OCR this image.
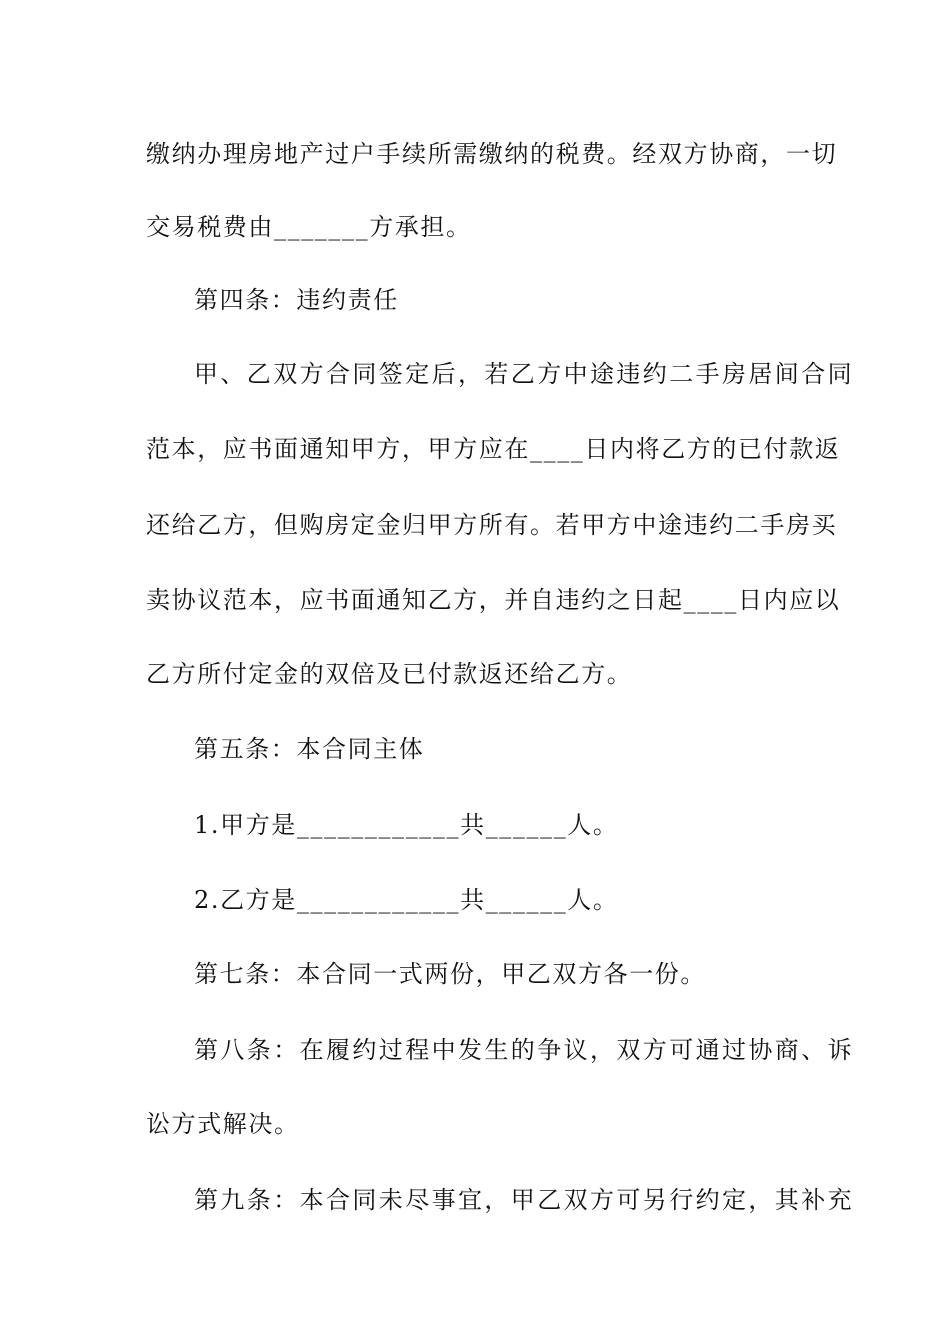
缴纳办理房地产过户手续所需缴纳的税费。经双方协商，一切
交易税费由_______方承担。
第四条：违约责任
甲、乙双方合同签定后，若乙方中途违约二手房居间合同
范本，应书面通知甲方，甲方应在____日内将乙方的已付款返
还给乙方，但购房定金归甲方所有。若甲方中途违约二手房买
卖协议范本，应书面通知乙方，并自违约之日起____日内应以
乙方所付定金的双倍及已付款返还给乙方。
第五条：本合同主体
1.甲方是____________共______人。
2.乙方是____________共______人。
第七条：本合同一式两份，甲乙双方各一份。
第八条：在履约过程中发生的争议，双方可通过协商、诉
讼方式解决。
第九条：本合同未尽事宜，甲乙双方可另行约定，其补充
